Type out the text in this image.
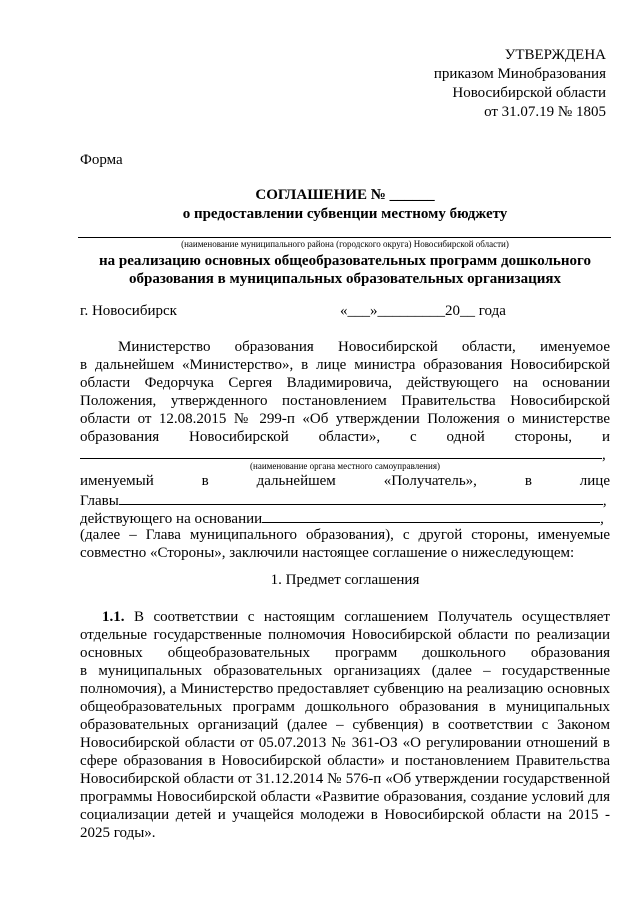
УТВЕРЖДЕНА
приказом Минобразования
Новосибирской области
от 31.07.19 № 1805
Форма
СОГЛАШЕНИЕ № ______
о предоставлении субвенции местному бюджету
(наименование муниципального района (городского округа) Новосибирской области)
на реализацию основных общеобразовательных программ дошкольного
образования в муниципальных образовательных организациях
г. Новосибирск	«___»_________20__ года
Министерство образования Новосибирской области, именуемое
в дальнейшем «Министерство», в лице министра образования Новосибирской
области Федорчука Сергея Владимировича, действующего на основании
Положения, утвержденного постановлением Правительства Новосибирской
области от 12.08.2015 № 299-п «Об утверждении Положения о министерстве
образования Новосибирской области», с одной стороны, и
,
(наименование органа местного самоуправления)
именуемый в дальнейшем «Получатель», в лице
Главы	,
действующего на основании	,
(далее – Глава муниципального образования), с другой стороны, именуемые
совместно «Стороны», заключили настоящее соглашение о нижеследующем:
1. Предмет соглашения
1.1. В соответствии с настоящим соглашением Получатель осуществляет
отдельные государственные полномочия Новосибирской области по реализации
основных общеобразовательных программ дошкольного образования
в муниципальных образовательных организациях (далее – государственные
полномочия), а Министерство предоставляет субвенцию на реализацию основных
общеобразовательных программ дошкольного образования в муниципальных
образовательных организаций (далее – субвенция) в соответствии с Законом
Новосибирской области от 05.07.2013 № 361-ОЗ «О регулировании отношений в
сфере образования в Новосибирской области» и постановлением Правительства
Новосибирской области от 31.12.2014 № 576-п «Об утверждении государственной
программы Новосибирской области «Развитие образования, создание условий для
социализации детей и учащейся молодежи в Новосибирской области на 2015 -
2025 годы».
